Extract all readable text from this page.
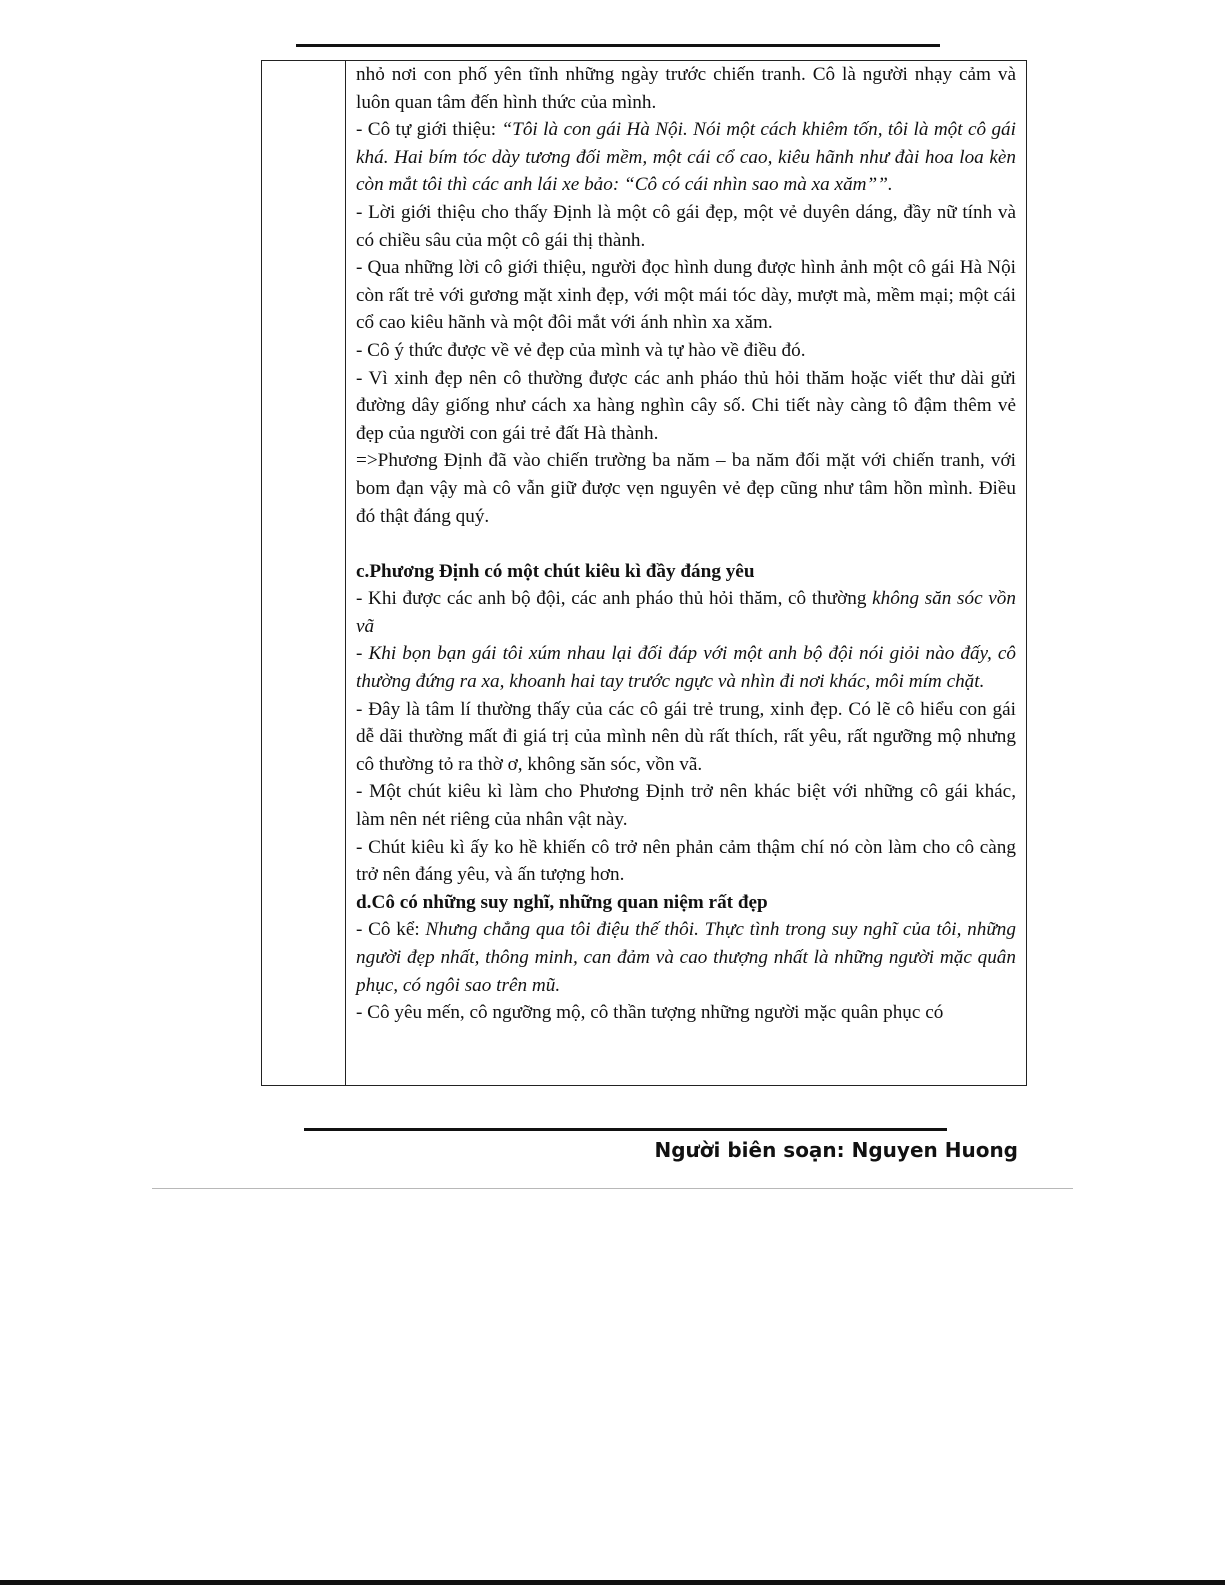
nhỏ nơi con phố yên tĩnh những ngày trước chiến tranh. Cô là người nhạy cảm và luôn quan tâm đến hình thức của mình.

- Cô tự giới thiệu: “Tôi là con gái Hà Nội. Nói một cách khiêm tốn, tôi là một cô gái khá. Hai bím tóc dày tương đối mềm, một cái cổ cao, kiêu hãnh như đài hoa loa kèn còn mắt tôi thì các anh lái xe bảo: “Cô có cái nhìn sao mà xa xăm””.

- Lời giới thiệu cho thấy Định là một cô gái đẹp, một vẻ duyên dáng, đầy nữ tính và có chiều sâu của một cô gái thị thành.

- Qua những lời cô giới thiệu, người đọc hình dung được hình ảnh một cô gái Hà Nội còn rất trẻ với gương mặt xinh đẹp, với một mái tóc dày, mượt mà, mềm mại; một cái cổ cao kiêu hãnh và một đôi mắt với ánh nhìn xa xăm.

- Cô ý thức được về vẻ đẹp của mình và tự hào về điều đó.

- Vì xinh đẹp nên cô thường được các anh pháo thủ hỏi thăm hoặc viết thư dài gửi đường dây giống như cách xa hàng nghìn cây số. Chi tiết này càng tô đậm thêm vẻ đẹp của người con gái trẻ đất Hà thành.

=>Phương Định đã vào chiến trường ba năm – ba năm đối mặt với chiến tranh, với bom đạn vậy mà cô vẫn giữ được vẹn nguyên vẻ đẹp cũng như tâm hồn mình. Điều đó thật đáng quý.

c.Phương Định có một chút kiêu kì đầy đáng yêu

- Khi được các anh bộ đội, các anh pháo thủ hỏi thăm, cô thường không săn sóc vồn vã

- Khi bọn bạn gái tôi xúm nhau lại đối đáp với một anh bộ đội nói giỏi nào đấy, cô thường đứng ra xa, khoanh hai tay trước ngực và nhìn đi nơi khác, môi mím chặt.

- Đây là tâm lí thường thấy của các cô gái trẻ trung, xinh đẹp. Có lẽ cô hiểu con gái dễ dãi thường mất đi giá trị của mình nên dù rất thích, rất yêu, rất ngưỡng mộ nhưng cô thường tỏ ra thờ ơ, không săn sóc, vồn vã.

- Một chút kiêu kì làm cho Phương Định trở nên khác biệt với những cô gái khác, làm nên nét riêng của nhân vật này.

- Chút kiêu kì ấy ko hề khiến cô trở nên phản cảm thậm chí nó còn làm cho cô càng trở nên đáng yêu, và ấn tượng hơn.

d.Cô có những suy nghĩ, những quan niệm rất đẹp

- Cô kể: Nhưng chẳng qua tôi điệu thế thôi. Thực tình trong suy nghĩ của tôi, những người đẹp nhất, thông minh, can đảm và cao thượng nhất là những người mặc quân phục, có ngôi sao trên mũ.

- Cô yêu mến, cô ngưỡng mộ, cô thần tượng những người mặc quân phục có

Người biên soạn: Nguyen Huong
